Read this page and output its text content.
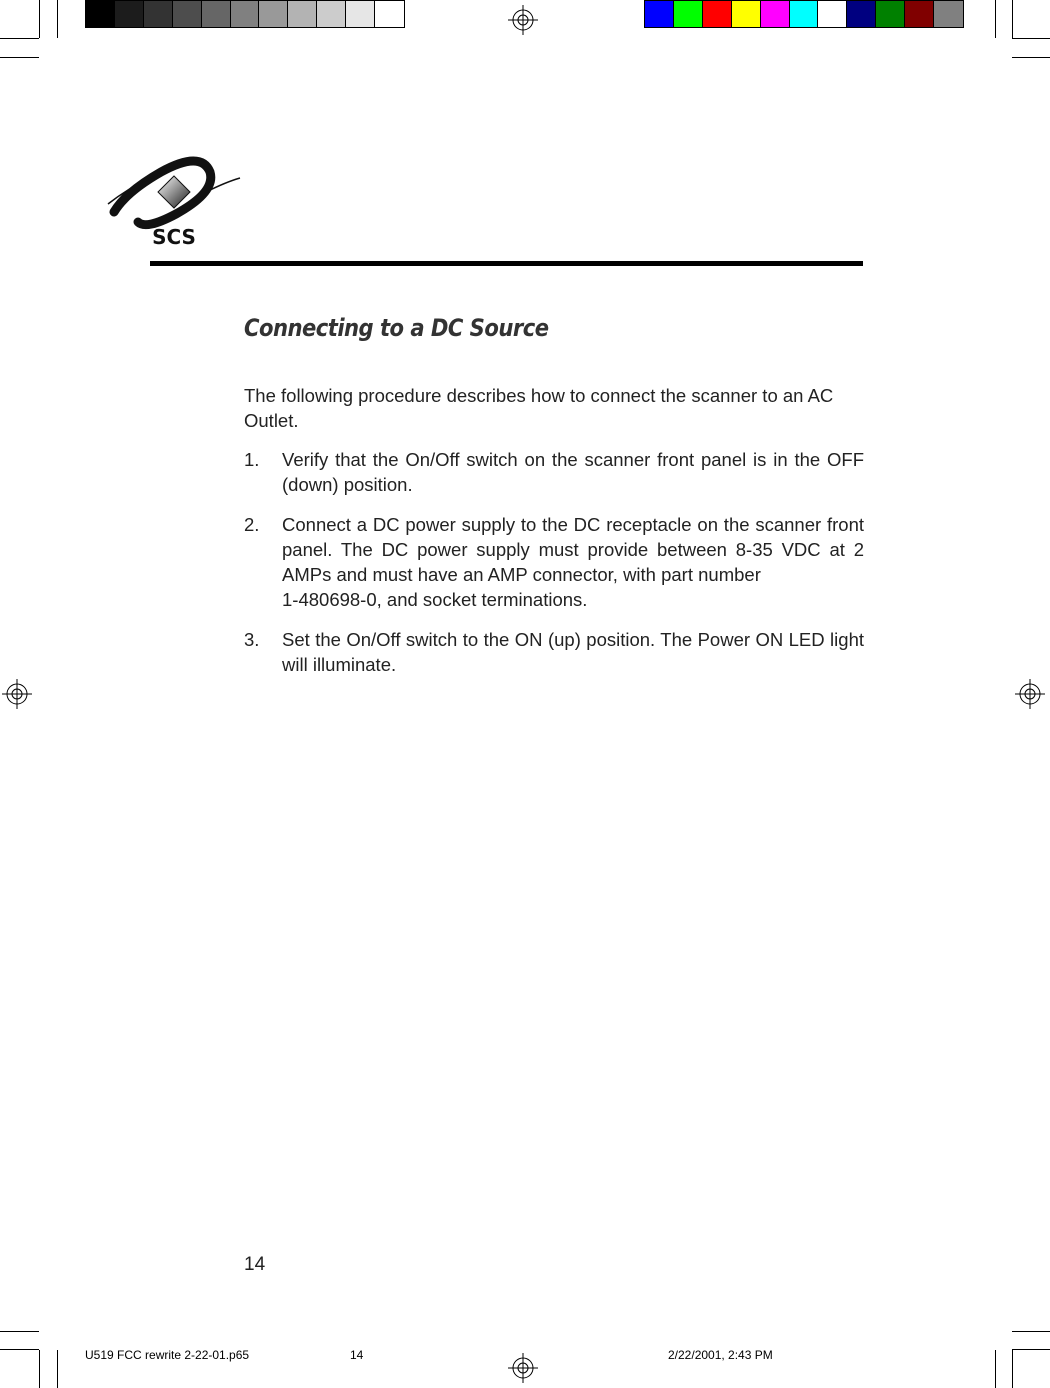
SCS
Connecting to a DC Source

The following procedure describes how to connect the scanner to an AC Outlet.

1. Verify that the On/Off switch on the scanner front panel is in the OFF (down) position.
2. Connect a DC power supply to the DC receptacle on the scanner front panel. The DC power supply must provide between 8-35 VDC at 2 AMPs and must have an AMP connector, with part number
1-480698-0, and socket terminations.
3. Set the On/Off switch to the ON (up) position. The Power ON LED light will illuminate.
14
U519 FCC rewrite 2-22-01.p65	14	2/22/2001, 2:43 PM
